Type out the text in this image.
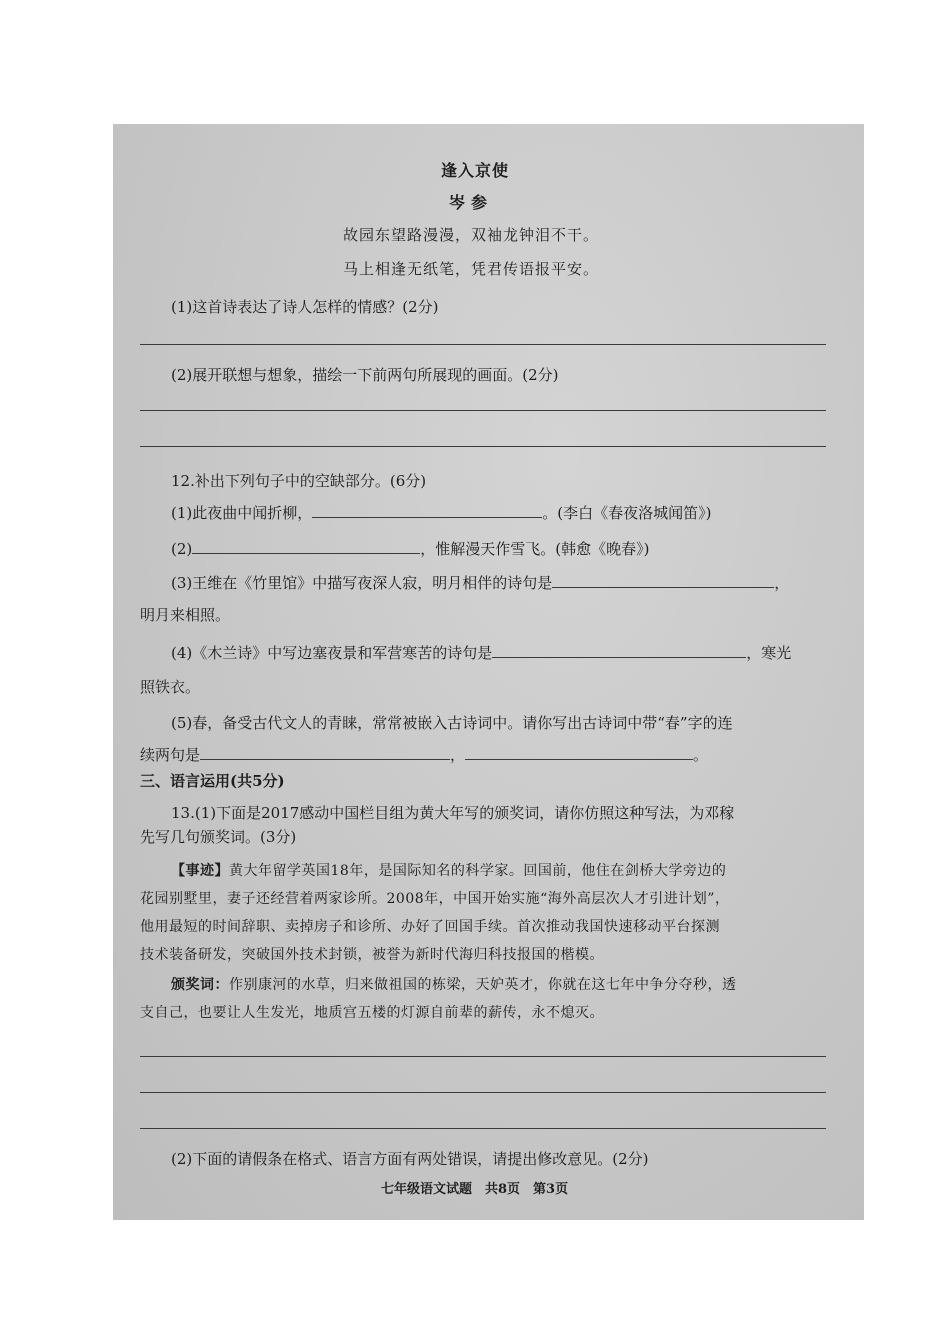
逢入京使
岑参
故园东望路漫漫，双袖龙钟泪不干。
马上相逢无纸笔，凭君传语报平安。
(1)这首诗表达了诗人怎样的情感？(2分)
(2)展开联想与想象，描绘一下前两句所展现的画面。(2分)
12.补出下列句子中的空缺部分。(6分)
(1)此夜曲中闻折柳，	。(李白《春夜洛城闻笛》)
(2)	，惟解漫天作雪飞。(韩愈《晚春》)
(3)王维在《竹里馆》中描写夜深人寂，明月相伴的诗句是	，
明月来相照。
(4)《木兰诗》中写边塞夜景和军营寒苦的诗句是	，寒光
照铁衣。
(5)春，备受古代文人的青睐，常常被嵌入古诗词中。请你写出古诗词中带“春”字的连
续两句是	，	。
三、语言运用(共5分)
13.(1)下面是2017感动中国栏目组为黄大年写的颁奖词，请你仿照这种写法，为邓稼
先写几句颁奖词。(3分)
【事迹】黄大年留学英国18年，是国际知名的科学家。回国前，他住在剑桥大学旁边的
花园别墅里，妻子还经营着两家诊所。2008年，中国开始实施“海外高层次人才引进计划”，
他用最短的时间辞职、卖掉房子和诊所、办好了回国手续。首次推动我国快速移动平台探测
技术装备研发，突破国外技术封锁，被誉为新时代海归科技报国的楷模。
颁奖词：作别康河的水草，归来做祖国的栋梁，天妒英才，你就在这七年中争分夺秒，透
支自己，也要让人生发光，地质宫五楼的灯源自前辈的薪传，永不熄灭。
(2)下面的请假条在格式、语言方面有两处错误，请提出修改意见。(2分)
七年级语文试题　共8页　第3页
